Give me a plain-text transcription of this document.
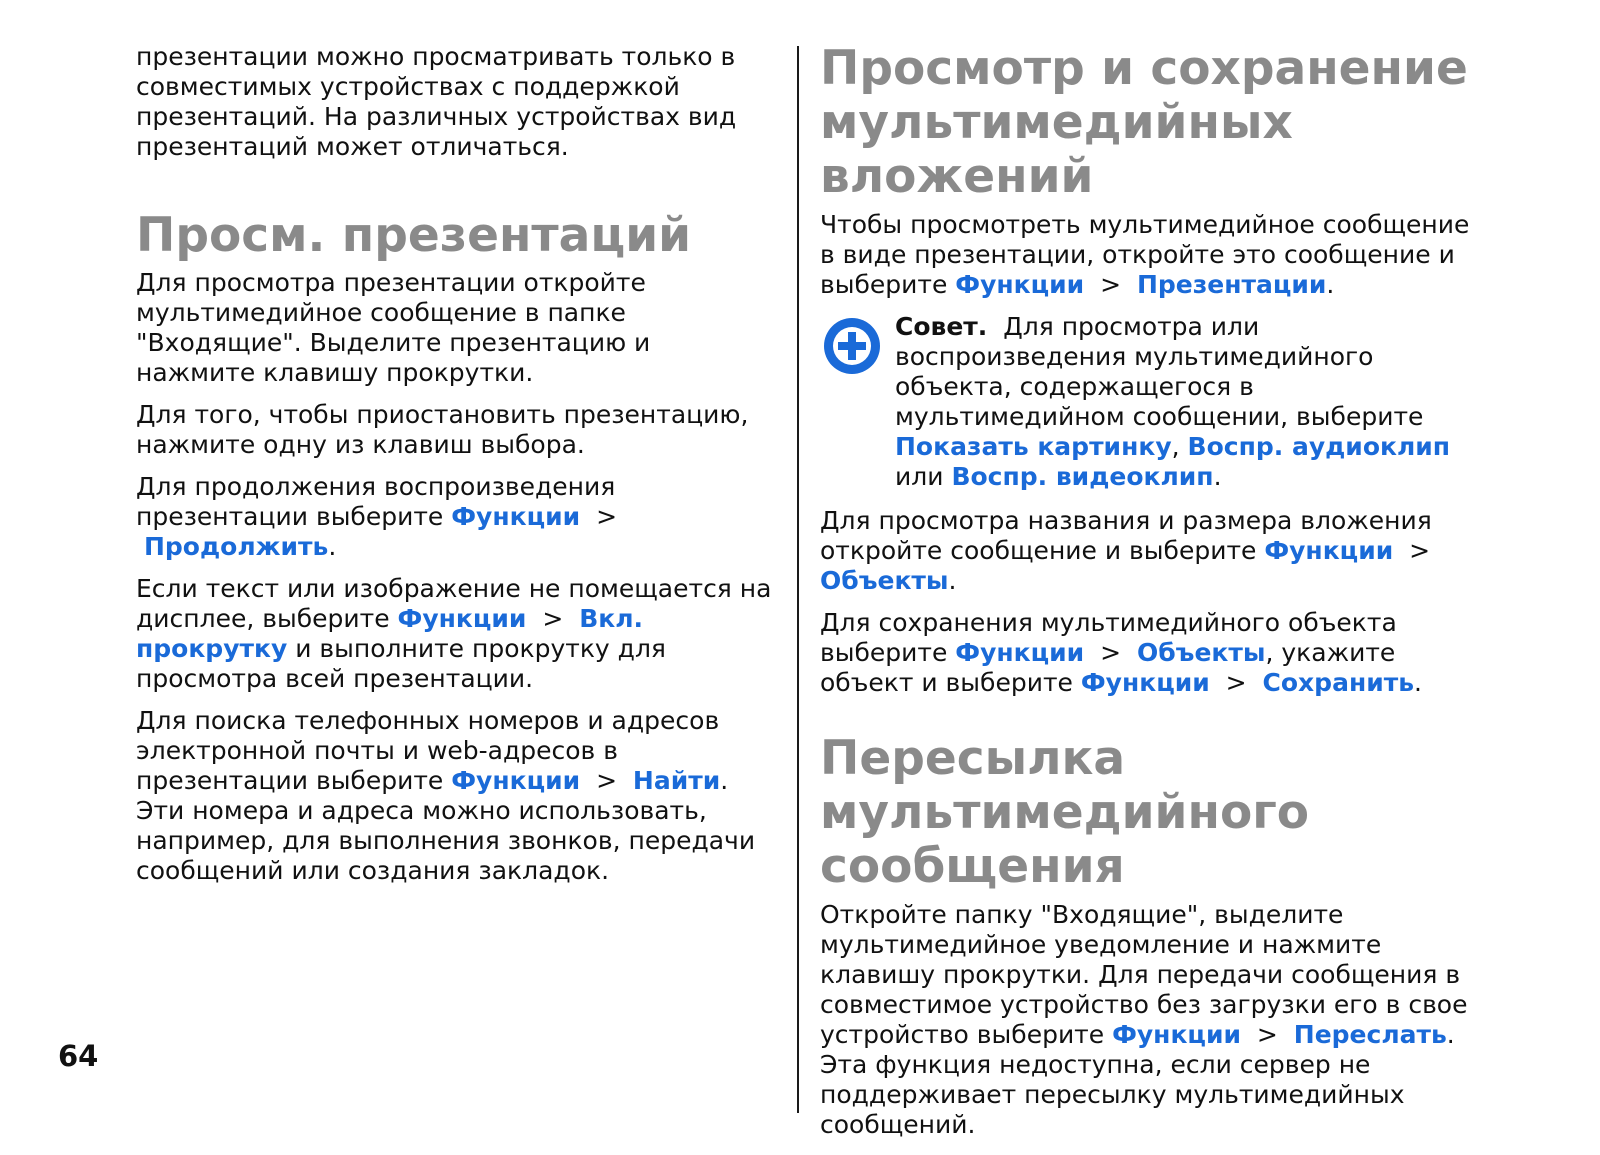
презентации можно просматривать только в совместимых устройствах с поддержкой презентаций. На различных устройствах вид презентаций может отличаться.

Просм. презентаций

Для просмотра презентации откройте мультимедийное сообщение в папке "Входящие". Выделите презентацию и нажмите клавишу прокрутки.

Для того, чтобы приостановить презентацию, нажмите одну из клавиш выбора.

Для продолжения воспроизведения презентации выберите Функции >  Продолжить.

Если текст или изображение не помещается на дисплее, выберите Функции > Вкл. прокрутку и выполните прокрутку для просмотра всей презентации.

Для поиска телефонных номеров и адресов электронной почты и web-адресов в презентации выберите Функции > Найти. Эти номера и адреса можно использовать, например, для выполнения звонков, передачи сообщений или создания закладок.

Просмотр и сохранение мультимедийных вложений

Чтобы просмотреть мультимедийное сообщение в виде презентации, откройте это сообщение и выберите Функции > Презентации.

Совет. Для просмотра или воспроизведения мультимедийного объекта, содержащегося в мультимедийном сообщении, выберите Показать картинку, Воспр. аудиоклип или Воспр. видеоклип.

Для просмотра названия и размера вложения откройте сообщение и выберите Функции > Объекты.

Для сохранения мультимедийного объекта выберите Функции > Объекты, укажите объект и выберите Функции > Сохранить.

Пересылка мультимедийного сообщения

Откройте папку "Входящие", выделите мультимедийное уведомление и нажмите клавишу прокрутки. Для передачи сообщения в совместимое устройство без загрузки его в свое устройство выберите Функции > Переслать. Эта функция недоступна, если сервер не поддерживает пересылку мультимедийных сообщений.

64
